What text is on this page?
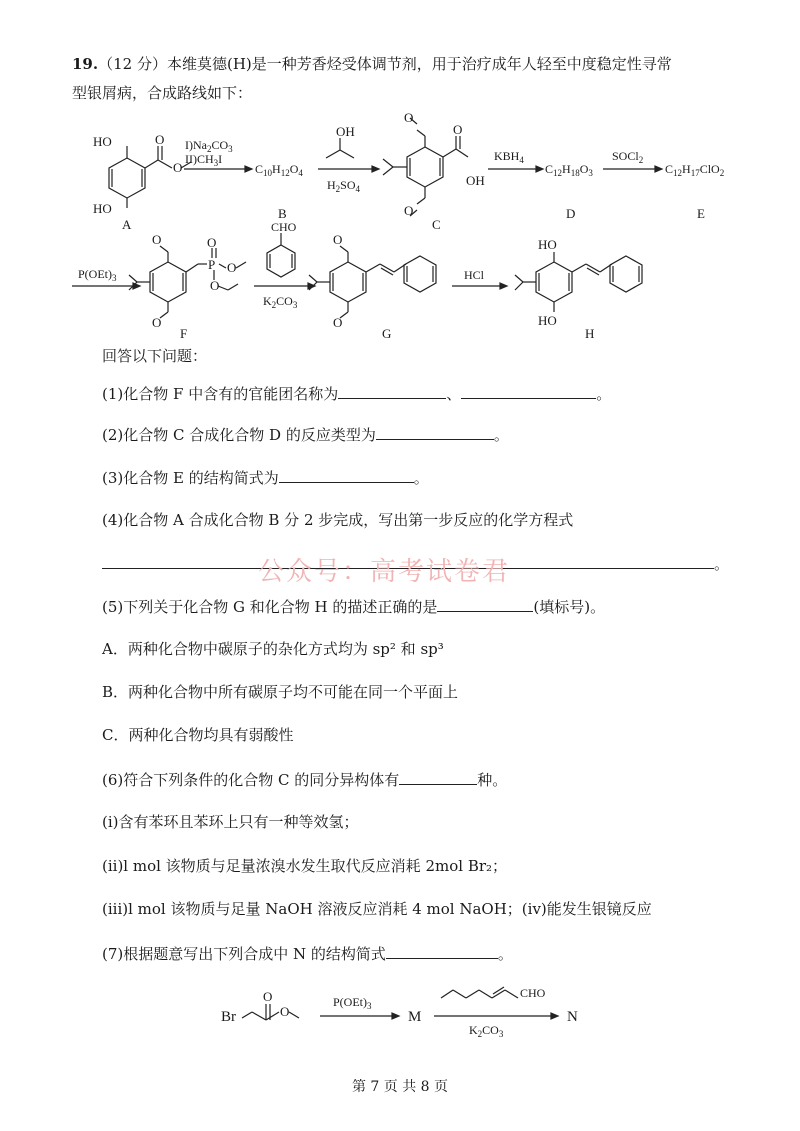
19.（12 分）本维莫德(H)是一种芳香烃受体调节剂，用于治疗成年人轻至中度稳定性寻常
型银屑病，合成路线如下：
HO
HO
O
O
A
$I)Na_2CO_3$
$II)CH_3I$
$C_{10}H_{12}O_4$
B
OH
$H_2SO_4$
O
O
O
OH
C
$KBH_4$
$C_{12}H_{18}O_3$
D
SOCl$_2$
$C_{12}H_{17}ClO_2$
E
$P(OEt)_3$
O
O
O
P O
O
F
CHO
$K_2CO_3$
O
O
G
HCl
HO
HO
H
Br
O
O
$P(OEt)_3$
M
CHO
$K_2CO_3$
N
回答以下问题：
(1)化合物 F 中含有的官能团名称为	、	。
(2)化合物 C 合成化合物 D 的反应类型为	。
(3)化合物 E 的结构简式为	。
(4)化合物 A 合成化合物 B 分 2 步完成，写出第一步反应的化学方程式
。
公众号：高考试卷君
(5)下列关于化合物 G 和化合物 H 的描述正确的是	(填标号)。
A．两种化合物中碳原子的杂化方式均为 sp² 和 sp³
B．两种化合物中所有碳原子均不可能在同一个平面上
C．两种化合物均具有弱酸性
(6)符合下列条件的化合物 C 的同分异构体有	种。
(i)含有苯环且苯环上只有一种等效氢；
(ii)l mol 该物质与足量浓溴水发生取代反应消耗 2mol Br₂；
(iii)l mol 该物质与足量 NaOH 溶液反应消耗 4 mol NaOH；(iv)能发生银镜反应
(7)根据题意写出下列合成中 N 的结构简式	。
第 7 页 共 8 页
